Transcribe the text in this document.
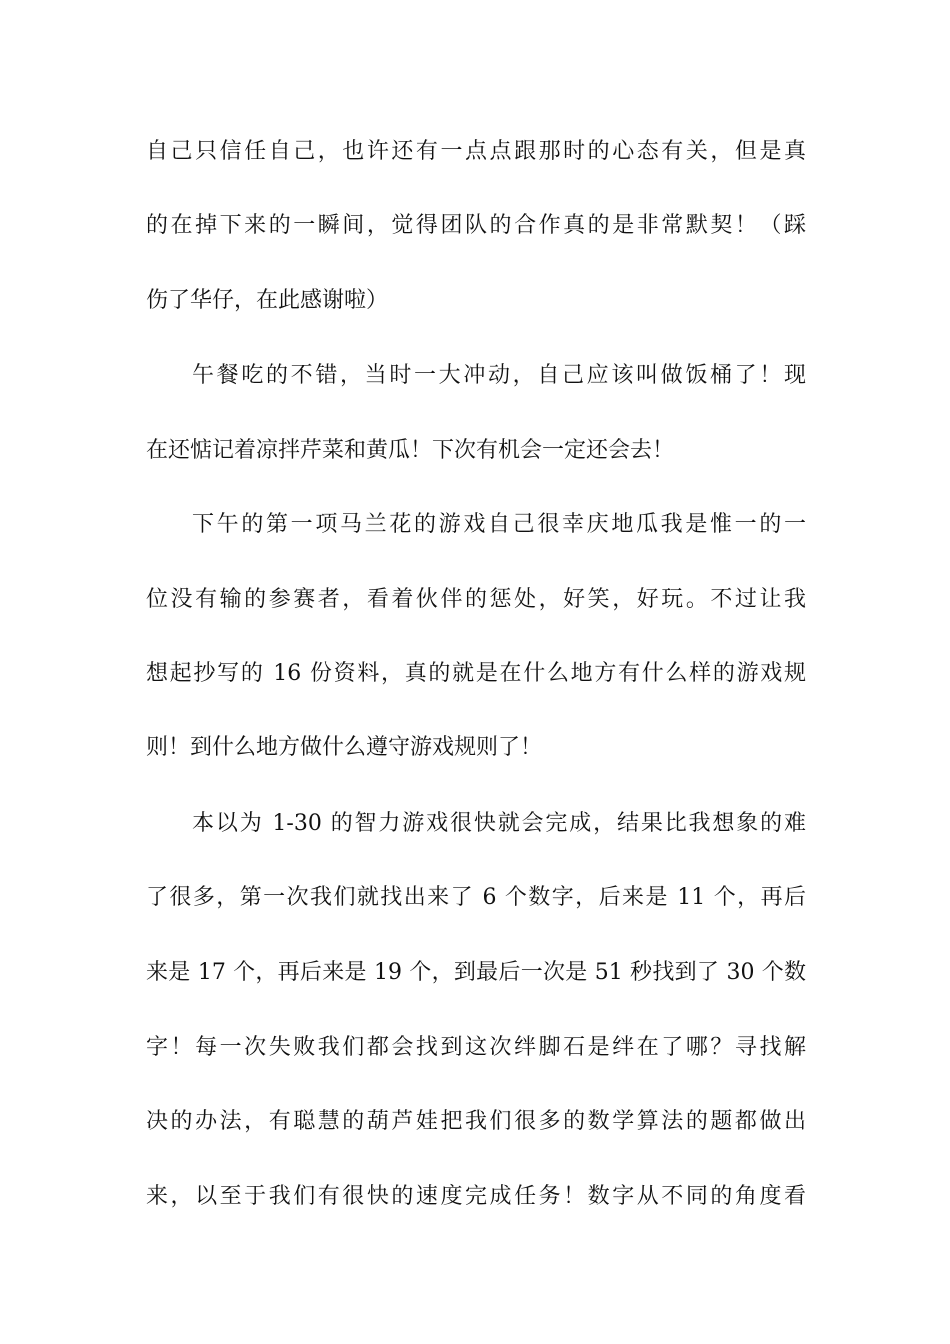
自己只信任自己，也许还有一点点跟那时的心态有关，但是真
的在掉下来的一瞬间，觉得团队的合作真的是非常默契！（踩
伤了华仔，在此感谢啦）
午餐吃的不错，当时一大冲动，自己应该叫做饭桶了！现
在还惦记着凉拌芹菜和黄瓜！下次有机会一定还会去！
下午的第一项马兰花的游戏自己很幸庆地瓜我是惟一的一
位没有输的参赛者，看着伙伴的惩处，好笑，好玩。不过让我
想起抄写的 16 份资料，真的就是在什么地方有什么样的游戏规
则！到什么地方做什么遵守游戏规则了！
本以为 1-30 的智力游戏很快就会完成，结果比我想象的难
了很多，第一次我们就找出来了 6 个数字，后来是 11 个，再后
来是 17 个，再后来是 19 个，到最后一次是 51 秒找到了 30 个数
字！每一次失败我们都会找到这次绊脚石是绊在了哪？寻找解
决的办法，有聪慧的葫芦娃把我们很多的数学算法的题都做出
来，以至于我们有很快的速度完成任务！数字从不同的角度看
